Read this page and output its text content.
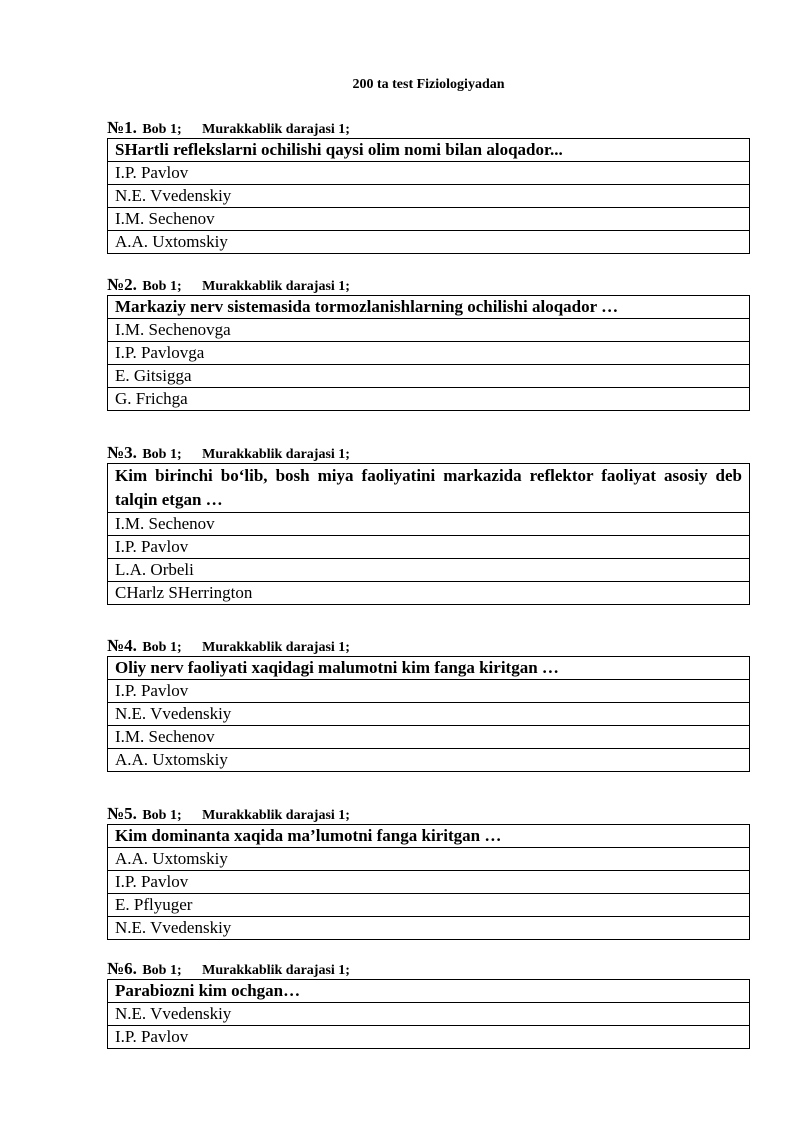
200 ta test Fiziologiyadan
№1. Bob 1; Murakkablik darajasi 1;
SHartli reflekslarni ochilishi qaysi olim nomi bilan aloqador...
I.P. Pavlov
N.E. Vvedenskiy
I.M. Sechenov
A.A. Uxtomskiy
№2. Bob 1; Murakkablik darajasi 1;
Markaziy nerv sistemasida tormozlanishlarning ochilishi aloqador …
I.M. Sechenovga
I.P. Pavlovga
E. Gitsigga
G. Frichga
№3. Bob 1; Murakkablik darajasi 1;
Kim birinchi bo‘lib, bosh miya faoliyatini markazida reflektor faoliyat asosiy deb talqin etgan …
I.M. Sechenov
I.P. Pavlov
L.A. Orbeli
CHarlz SHerrington
№4. Bob 1; Murakkablik darajasi 1;
Oliy nerv faoliyati xaqidagi malumotni kim fanga kiritgan …
I.P. Pavlov
N.E. Vvedenskiy
I.M. Sechenov
A.A. Uxtomskiy
№5. Bob 1; Murakkablik darajasi 1;
Kim dominanta xaqida ma’lumotni fanga kiritgan …
A.A. Uxtomskiy
I.P. Pavlov
E. Pflyuger
N.E. Vvedenskiy
№6. Bob 1; Murakkablik darajasi 1;
Parabiozni kim ochgan…
N.E. Vvedenskiy
I.P. Pavlov
